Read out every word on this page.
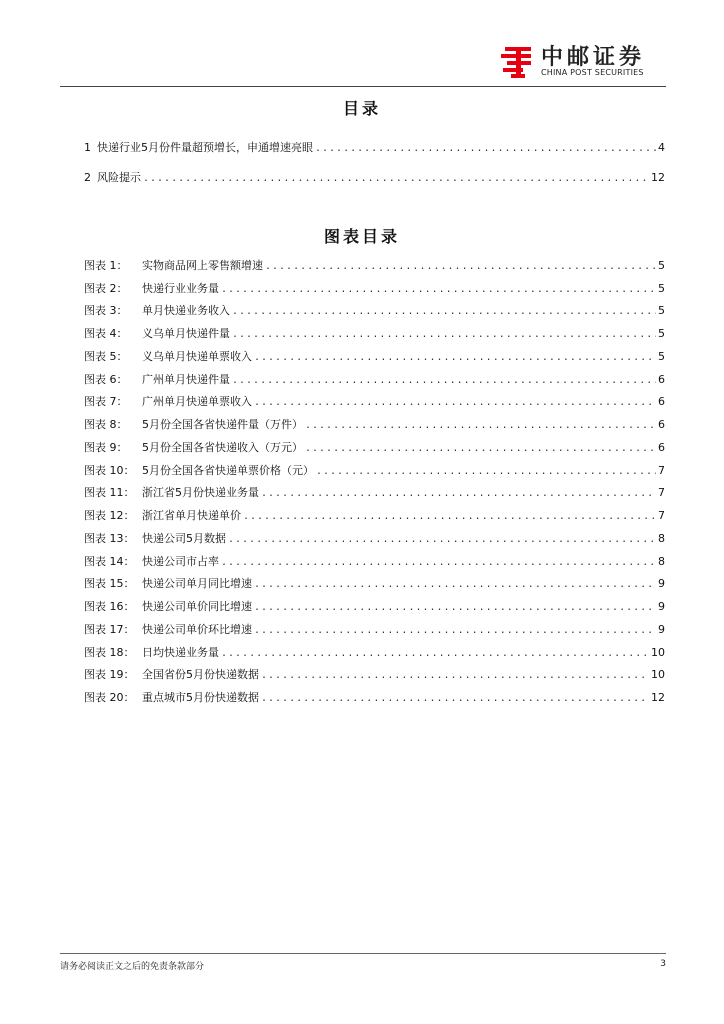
中邮证券
CHINA POST SECURITIES
目录
1 快递行业5月份件量超预增长，申通增速亮眼 .....	4
2 风险提示 .....	12
图表目录
图表 1： 实物商品网上零售额增速 .....	5
图表 2： 快递行业业务量 .....	5
图表 3： 单月快递业务收入 .....	5
图表 4： 义乌单月快递件量 .....	5
图表 5： 义乌单月快递单票收入 .....	5
图表 6： 广州单月快递件量 .....	6
图表 7： 广州单月快递单票收入 .....	6
图表 8： 5月份全国各省快递件量（万件） .....	6
图表 9： 5月份全国各省快递收入（万元） .....	6
图表 10： 5月份全国各省快递单票价格（元） .....	7
图表 11： 浙江省5月份快递业务量 .....	7
图表 12： 浙江省单月快递单价 .....	7
图表 13： 快递公司5月数据 .....	8
图表 14： 快递公司市占率 .....	8
图表 15： 快递公司单月同比增速 .....	9
图表 16： 快递公司单价同比增速 .....	9
图表 17： 快递公司单价环比增速 .....	9
图表 18： 日均快递业务量 .....	10
图表 19： 全国省份5月份快递数据 .....	10
图表 20： 重点城市5月份快递数据 .....	12
请务必阅读正文之后的免责条款部分	3
